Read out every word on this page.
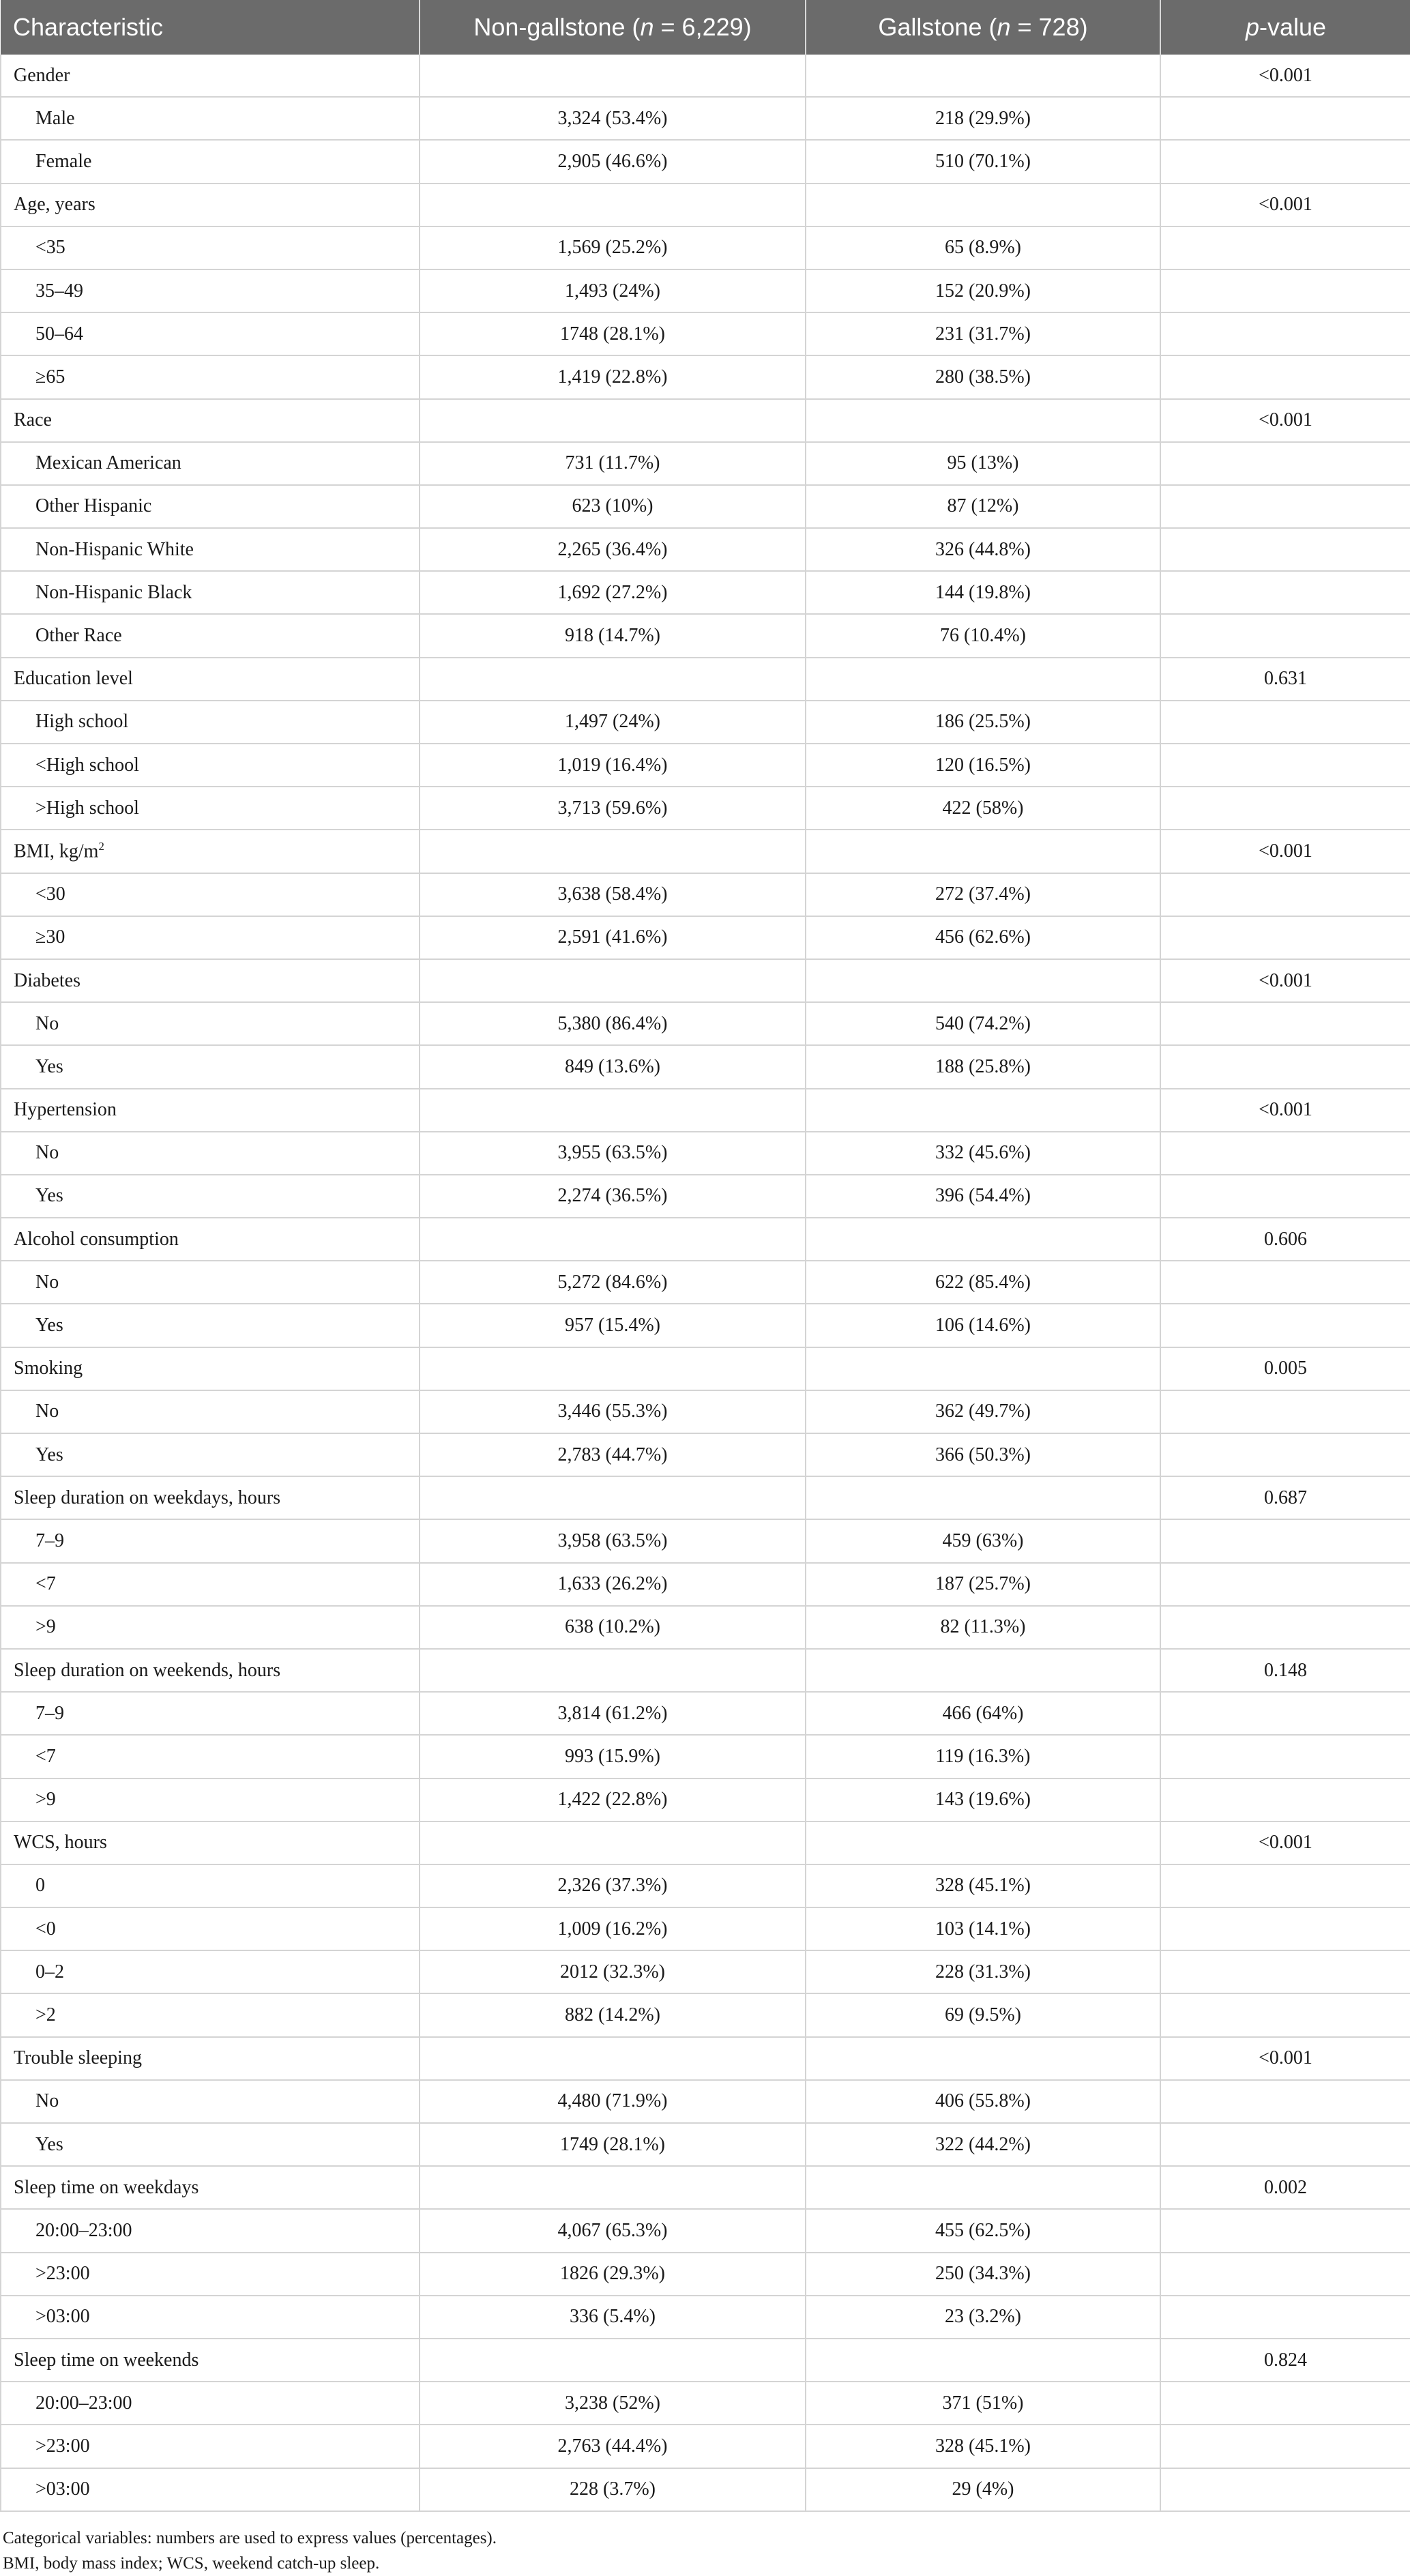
Characteristic	Non-gallstone (n = 6,229)	Gallstone (n = 728)	p-value
Gender			<0.001
Male	3,324 (53.4%)	218 (29.9%)	
Female	2,905 (46.6%)	510 (70.1%)	
Age, years			<0.001
<35	1,569 (25.2%)	65 (8.9%)	
35–49	1,493 (24%)	152 (20.9%)	
50–64	1748 (28.1%)	231 (31.7%)	
≥65	1,419 (22.8%)	280 (38.5%)	
Race			<0.001
Mexican American	731 (11.7%)	95 (13%)	
Other Hispanic	623 (10%)	87 (12%)	
Non-Hispanic White	2,265 (36.4%)	326 (44.8%)	
Non-Hispanic Black	1,692 (27.2%)	144 (19.8%)	
Other Race	918 (14.7%)	76 (10.4%)	
Education level			0.631
High school	1,497 (24%)	186 (25.5%)	
<High school	1,019 (16.4%)	120 (16.5%)	
>High school	3,713 (59.6%)	422 (58%)	
BMI, $kg/m^2$			<0.001
<30	3,638 (58.4%)	272 (37.4%)	
≥30	2,591 (41.6%)	456 (62.6%)	
Diabetes			<0.001
No	5,380 (86.4%)	540 (74.2%)	
Yes	849 (13.6%)	188 (25.8%)	
Hypertension			<0.001
No	3,955 (63.5%)	332 (45.6%)	
Yes	2,274 (36.5%)	396 (54.4%)	
Alcohol consumption			0.606
No	5,272 (84.6%)	622 (85.4%)	
Yes	957 (15.4%)	106 (14.6%)	
Smoking			0.005
No	3,446 (55.3%)	362 (49.7%)	
Yes	2,783 (44.7%)	366 (50.3%)	
Sleep duration on weekdays, hours			0.687
7–9	3,958 (63.5%)	459 (63%)	
<7	1,633 (26.2%)	187 (25.7%)	
>9	638 (10.2%)	82 (11.3%)	
Sleep duration on weekends, hours			0.148
7–9	3,814 (61.2%)	466 (64%)	
<7	993 (15.9%)	119 (16.3%)	
>9	1,422 (22.8%)	143 (19.6%)	
WCS, hours			<0.001
0	2,326 (37.3%)	328 (45.1%)	
<0	1,009 (16.2%)	103 (14.1%)	
0–2	2012 (32.3%)	228 (31.3%)	
>2	882 (14.2%)	69 (9.5%)	
Trouble sleeping			<0.001
No	4,480 (71.9%)	406 (55.8%)	
Yes	1749 (28.1%)	322 (44.2%)	
Sleep time on weekdays			0.002
20:00–23:00	4,067 (65.3%)	455 (62.5%)	
>23:00	1826 (29.3%)	250 (34.3%)	
>03:00	336 (5.4%)	23 (3.2%)	
Sleep time on weekends			0.824
20:00–23:00	3,238 (52%)	371 (51%)	
>23:00	2,763 (44.4%)	328 (45.1%)	
>03:00	228 (3.7%)	29 (4%)	
Categorical variables: numbers are used to express values (percentages).
BMI, body mass index; WCS, weekend catch-up sleep.
